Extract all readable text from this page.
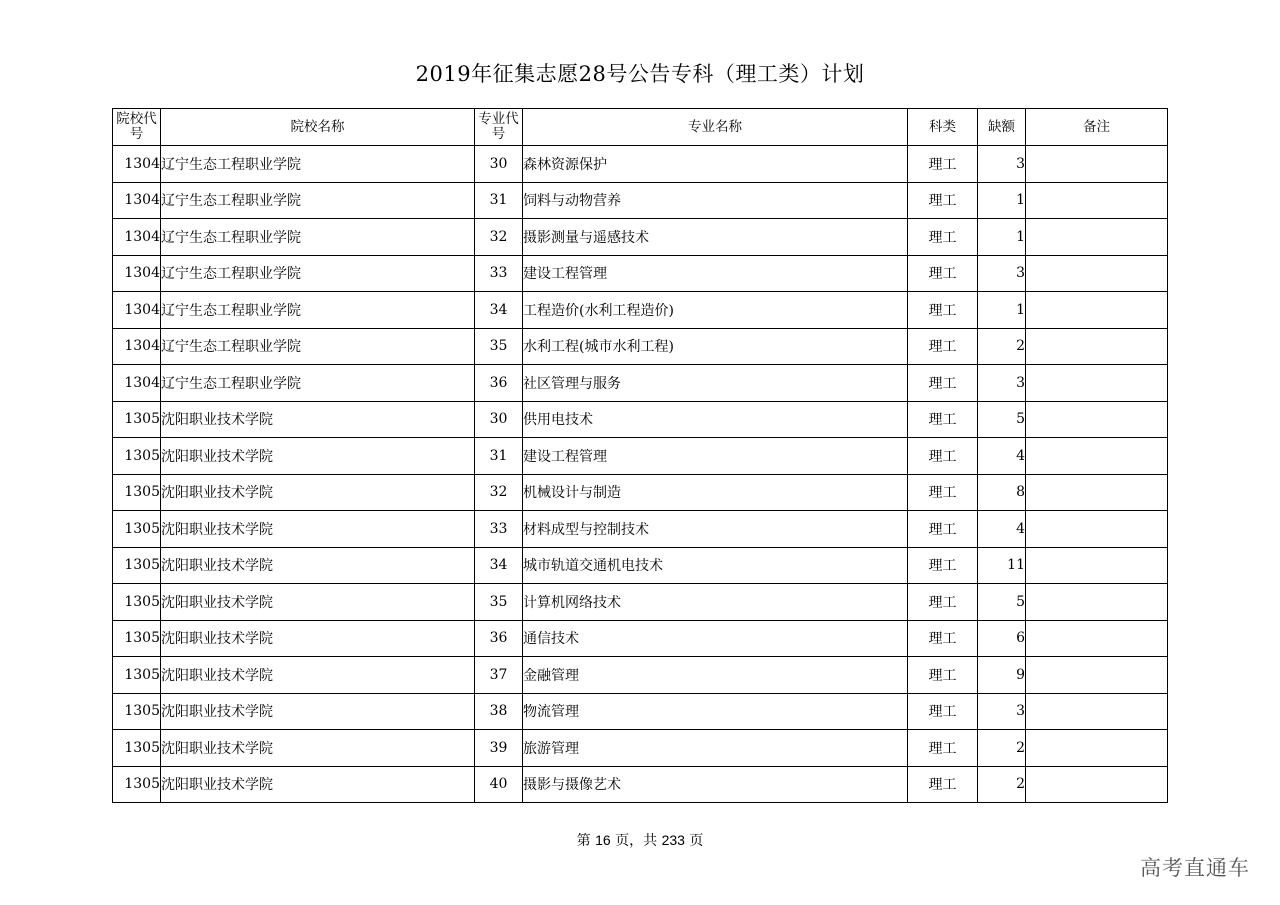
2019年征集志愿28号公告专科（理工类）计划
院校代号	院校名称	专业代号	专业名称	科类	缺额	备注
1304	辽宁生态工程职业学院	30	森林资源保护	理工	3	
1304	辽宁生态工程职业学院	31	饲料与动物营养	理工	1	
1304	辽宁生态工程职业学院	32	摄影测量与遥感技术	理工	1	
1304	辽宁生态工程职业学院	33	建设工程管理	理工	3	
1304	辽宁生态工程职业学院	34	工程造价(水利工程造价)	理工	1	
1304	辽宁生态工程职业学院	35	水利工程(城市水利工程)	理工	2	
1304	辽宁生态工程职业学院	36	社区管理与服务	理工	3	
1305	沈阳职业技术学院	30	供用电技术	理工	5	
1305	沈阳职业技术学院	31	建设工程管理	理工	4	
1305	沈阳职业技术学院	32	机械设计与制造	理工	8	
1305	沈阳职业技术学院	33	材料成型与控制技术	理工	4	
1305	沈阳职业技术学院	34	城市轨道交通机电技术	理工	11	
1305	沈阳职业技术学院	35	计算机网络技术	理工	5	
1305	沈阳职业技术学院	36	通信技术	理工	6	
1305	沈阳职业技术学院	37	金融管理	理工	9	
1305	沈阳职业技术学院	38	物流管理	理工	3	
1305	沈阳职业技术学院	39	旅游管理	理工	2	
1305	沈阳职业技术学院	40	摄影与摄像艺术	理工	2	
第 16 页，共 233 页
高考直通车
